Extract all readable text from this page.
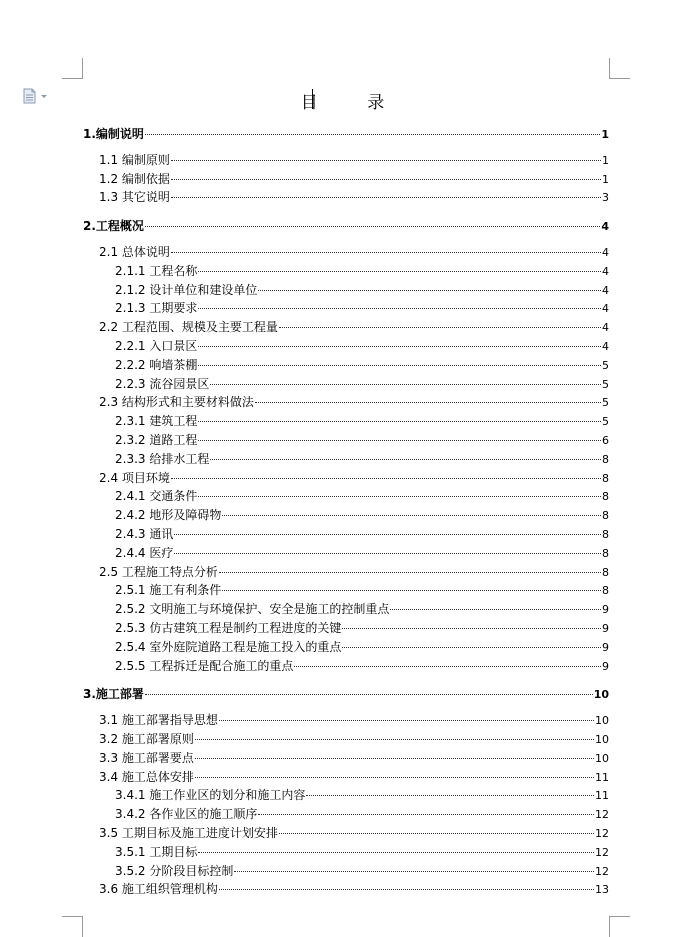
目 录
1.编制说明	1
1.1 编制原则	1
1.2 编制依据	1
1.3 其它说明	3
2.工程概况	4
2.1 总体说明	4
2.1.1 工程名称	4
2.1.2 设计单位和建设单位	4
2.1.3 工期要求	4
2.2 工程范围、规模及主要工程量	4
2.2.1 入口景区	4
2.2.2 响墙茶棚	5
2.2.3 流谷园景区	5
2.3 结构形式和主要材料做法	5
2.3.1 建筑工程	5
2.3.2 道路工程	6
2.3.3 给排水工程	8
2.4 项目环境	8
2.4.1 交通条件	8
2.4.2 地形及障碍物	8
2.4.3 通讯	8
2.4.4 医疗	8
2.5 工程施工特点分析	8
2.5.1 施工有利条件	8
2.5.2 文明施工与环境保护、安全是施工的控制重点	9
2.5.3 仿古建筑工程是制约工程进度的关键	9
2.5.4 室外庭院道路工程是施工投入的重点	9
2.5.5 工程拆迁是配合施工的重点	9
3.施工部署	10
3.1 施工部署指导思想	10
3.2 施工部署原则	10
3.3 施工部署要点	10
3.4 施工总体安排	11
3.4.1 施工作业区的划分和施工内容	11
3.4.2 各作业区的施工顺序	12
3.5 工期目标及施工进度计划安排	12
3.5.1 工期目标	12
3.5.2 分阶段目标控制	12
3.6 施工组织管理机构	13
